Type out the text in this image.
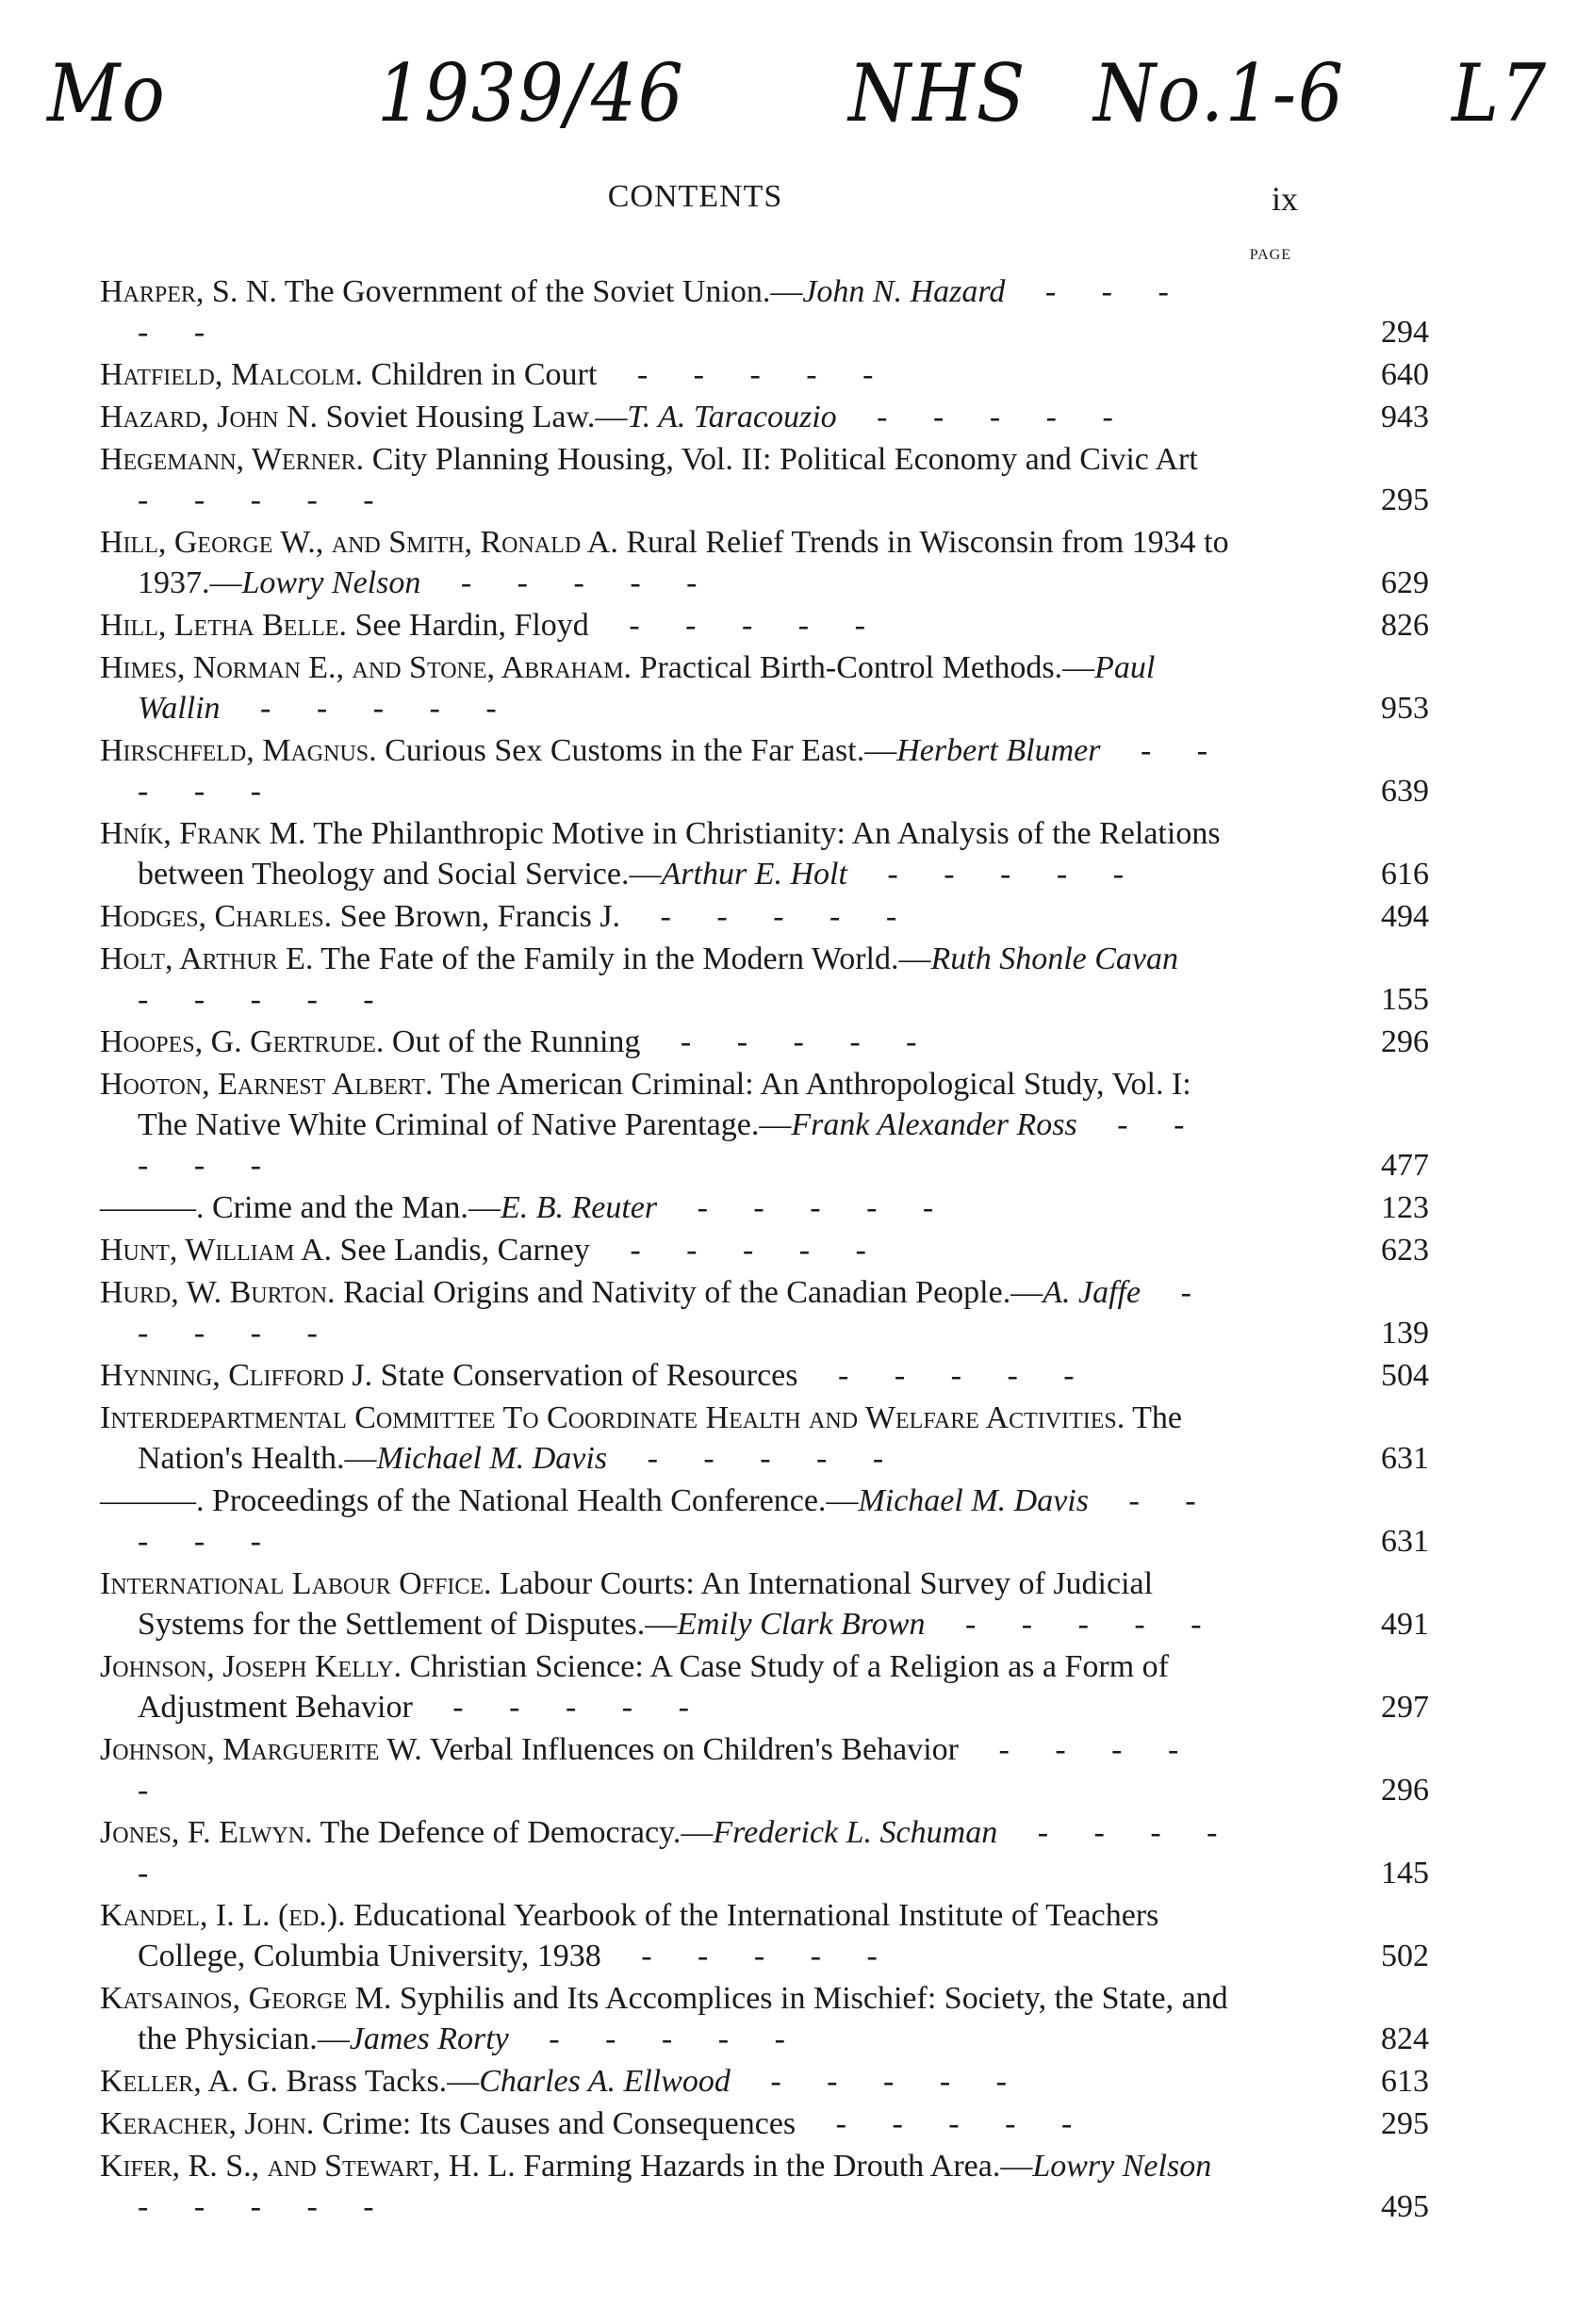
Mo	1939/46 NHS No.1-6 L7
CONTENTS	ix
PAGE
Harper, S. N. The Government of the Soviet Union.—John N. Hazard - - - - -	294
Hatfield, Malcolm. Children in Court - - - - -	640
Hazard, John N. Soviet Housing Law.—T. A. Taracouzio - - - - -	943
Hegemann, Werner. City Planning Housing, Vol. II: Political Economy and Civic Art - - - - -	295
Hill, George W., and Smith, Ronald A. Rural Relief Trends in Wisconsin from 1934 to 1937.—Lowry Nelson - - - - -	629
Hill, Letha Belle. See Hardin, Floyd - - - - -	826
Himes, Norman E., and Stone, Abraham. Practical Birth-Control Methods.—Paul Wallin - - - - -	953
Hirschfeld, Magnus. Curious Sex Customs in the Far East.—Herbert Blumer - - - - -	639
Hník, Frank M. The Philanthropic Motive in Christianity: An Analysis of the Relations between Theology and Social Service.—Arthur E. Holt - - - - -	616
Hodges, Charles. See Brown, Francis J. - - - - -	494
Holt, Arthur E. The Fate of the Family in the Modern World.—Ruth Shonle Cavan - - - - -	155
Hoopes, G. Gertrude. Out of the Running - - - - -	296
Hooton, Earnest Albert. The American Criminal: An Anthropological Study, Vol. I: The Native White Criminal of Native Parentage.—Frank Alexander Ross - - - - -	477
———. Crime and the Man.—E. B. Reuter - - - - -	123
Hunt, William A. See Landis, Carney - - - - -	623
Hurd, W. Burton. Racial Origins and Nativity of the Canadian People.—A. Jaffe - - - - -	139
Hynning, Clifford J. State Conservation of Resources - - - - -	504
Interdepartmental Committee To Coordinate Health and Welfare Activities. The Nation's Health.—Michael M. Davis - - - - -	631
———. Proceedings of the National Health Conference.—Michael M. Davis - - - - -	631
International Labour Office. Labour Courts: An International Survey of Judicial Systems for the Settlement of Disputes.—Emily Clark Brown - - - - -	491
Johnson, Joseph Kelly. Christian Science: A Case Study of a Religion as a Form of Adjustment Behavior - - - - -	297
Johnson, Marguerite W. Verbal Influences on Children's Behavior - - - - -	296
Jones, F. Elwyn. The Defence of Democracy.—Frederick L. Schuman - - - - -	145
Kandel, I. L. (ed.). Educational Yearbook of the International Institute of Teachers College, Columbia University, 1938 - - - - -	502
Katsainos, George M. Syphilis and Its Accomplices in Mischief: Society, the State, and the Physician.—James Rorty - - - - -	824
Keller, A. G. Brass Tacks.—Charles A. Ellwood - - - - -	613
Keracher, John. Crime: Its Causes and Consequences - - - - -	295
Kifer, R. S., and Stewart, H. L. Farming Hazards in the Drouth Area.—Lowry Nelson - - - - -	495
